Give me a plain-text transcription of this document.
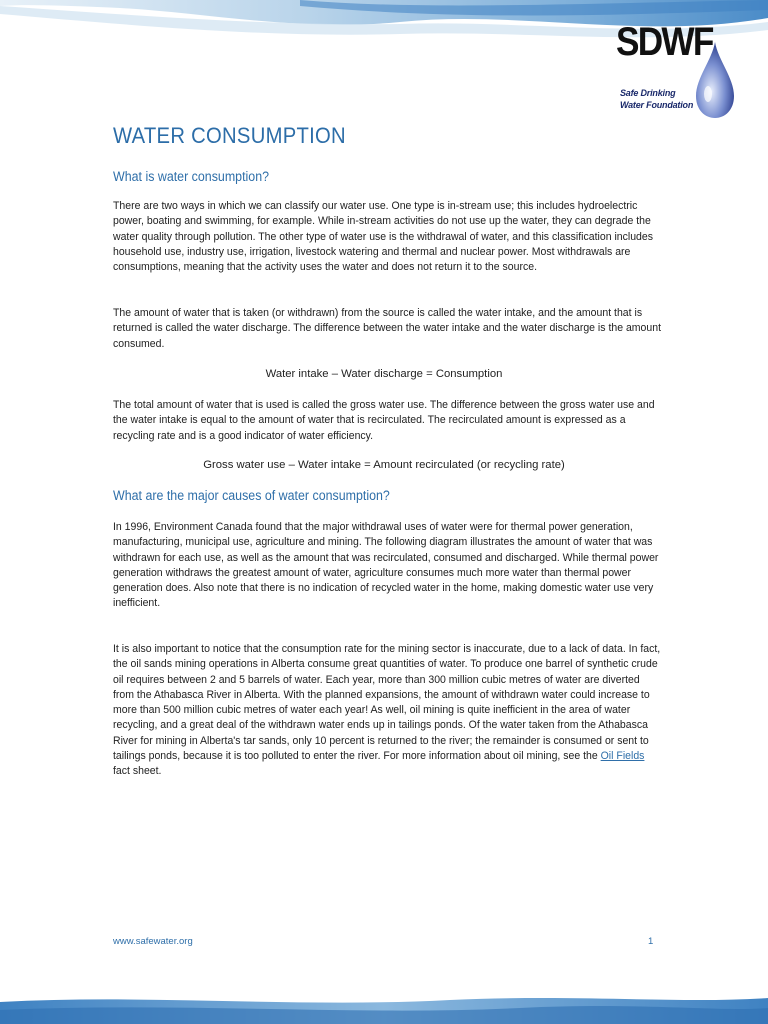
SDWF
Safe Drinking
Water Foundation
WATER CONSUMPTION
What is water consumption?

There are two ways in which we can classify our water use. One type is in-stream use; this includes hydroelectric power, boating and swimming, for example. While in-stream activities do not use up the water, they can degrade the water quality through pollution. The other type of water use is the withdrawal of water, and this classification includes household use, industry use, irrigation, livestock watering and thermal and nuclear power. Most withdrawals are consumptions, meaning that the activity uses the water and does not return it to the source.

The amount of water that is taken (or withdrawn) from the source is called the water intake, and the amount that is returned is called the water discharge. The difference between the water intake and the water discharge is the amount consumed.

Water intake – Water discharge = Consumption

The total amount of water that is used is called the gross water use. The difference between the gross water use and the water intake is equal to the amount of water that is recirculated. The recirculated amount is expressed as a recycling rate and is a good indicator of water efficiency.

Gross water use – Water intake = Amount recirculated (or recycling rate)
What are the major causes of water consumption?

In 1996, Environment Canada found that the major withdrawal uses of water were for thermal power generation, manufacturing, municipal use, agriculture and mining. The following diagram illustrates the amount of water that was withdrawn for each use, as well as the amount that was recirculated, consumed and discharged. While thermal power generation withdraws the greatest amount of water, agriculture consumes much more water than thermal power generation does. Also note that there is no indication of recycled water in the home, making domestic water use very inefficient.

It is also important to notice that the consumption rate for the mining sector is inaccurate, due to a lack of data. In fact, the oil sands mining operations in Alberta consume great quantities of water. To produce one barrel of synthetic crude oil requires between 2 and 5 barrels of water. Each year, more than 300 million cubic metres of water are diverted from the Athabasca River in Alberta. With the planned expansions, the amount of withdrawn water could increase to more than 500 million cubic metres of water each year! As well, oil mining is quite inefficient in the area of water recycling, and a great deal of the withdrawn water ends up in tailings ponds. Of the water taken from the Athabasca River for mining in Alberta's tar sands, only 10 percent is returned to the river; the remainder is consumed or sent to tailings ponds, because it is too polluted to enter the river. For more information about oil mining, see the Oil Fields fact sheet.

www.safewater.org	1
